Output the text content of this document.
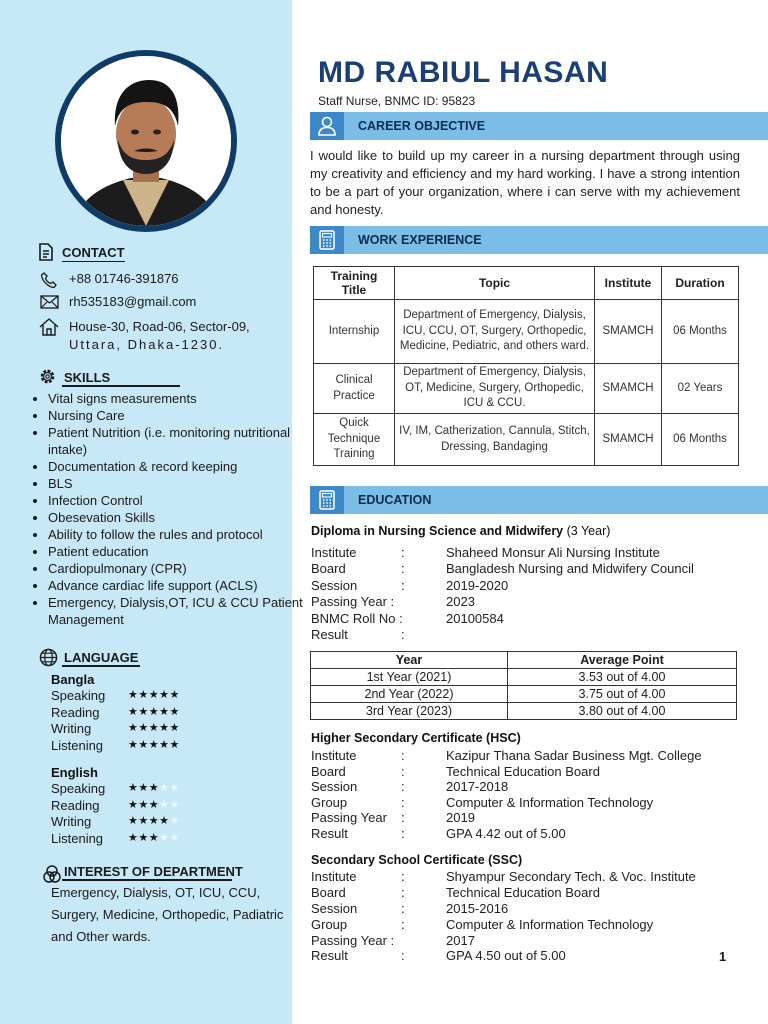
CONTACT
+88 01746-391876
rh535183@gmail.com
House-30, Road-06, Sector-09,
Uttara, Dhaka-1230.
SKILLS
• Vital signs measurements
• Nursing Care
• Patient Nutrition (i.e. monitoring nutritional intake)
• Documentation & record keeping
• BLS
• Infection Control
• Obesevation Skills
• Ability to follow the rules and protocol
• Patient education
• Cardiopulmonary (CPR)
• Advance cardiac life support (ACLS)
• Emergency, Dialysis,OT, ICU & CCU Patient Management
LANGUAGE
Bangla
Speaking ★★★★★
Reading	★★★★★
Writing	★★★★★
Listening ★★★★★
English
Speaking ★★★★★
Reading	★★★★★
Writing	★★★★★
Listening ★★★★★
INTEREST OF DEPARTMENT
Emergency, Dialysis, OT, ICU, CCU, Surgery, Medicine, Orthopedic, Padiatric and Other wards.
MD RABIUL HASAN
Staff Nurse, BNMC ID: 95823
CAREER OBJECTIVE
I would like to build up my career in a nursing department through using my creativity and efficiency and my hard working. I have a strong intention to be a part of your organization, where i can serve with my achievement and honesty.
WORK EXPERIENCE
Training Title	Topic	Institute	Duration
Internship	Department of Emergency, Dialysis, ICU, CCU, OT, Surgery, Orthopedic, Medicine, Pediatric, and others ward.	SMAMCH	06 Months
Clinical Practice	Department of Emergency, Dialysis, OT, Medicine, Surgery, Orthopedic, ICU & CCU.	SMAMCH	02 Years
Quick Technique Training	IV, IM, Catherization, Cannula, Stitch, Dressing, Bandaging	SMAMCH	06 Months
EDUCATION
Diploma in Nursing Science and Midwifery (3 Year)
Institute	:	Shaheed Monsur Ali Nursing Institute
Board	:	Bangladesh Nursing and Midwifery Council
Session	:	2019-2020
Passing Year :	2023
BNMC Roll No :	20100584
Result	:
Year	Average Point
1st Year (2021)	3.53 out of 4.00
2nd Year (2022)	3.75 out of 4.00
3rd Year (2023)	3.80 out of 4.00
Higher Secondary Certificate (HSC)
Institute	:	Kazipur Thana Sadar Business Mgt. College
Board	:	Technical Education Board
Session	:	2017-2018
Group	:	Computer & Information Technology
Passing Year :	2019
Result	:	GPA 4.42 out of 5.00
Secondary School Certificate (SSC)
Institute	:	Shyampur Secondary Tech. & Voc. Institute
Board	:	Technical Education Board
Session	:	2015-2016
Group	:	Computer & Information Technology
Passing Year :	2017
Result	:	GPA 4.50 out of 5.00	1
